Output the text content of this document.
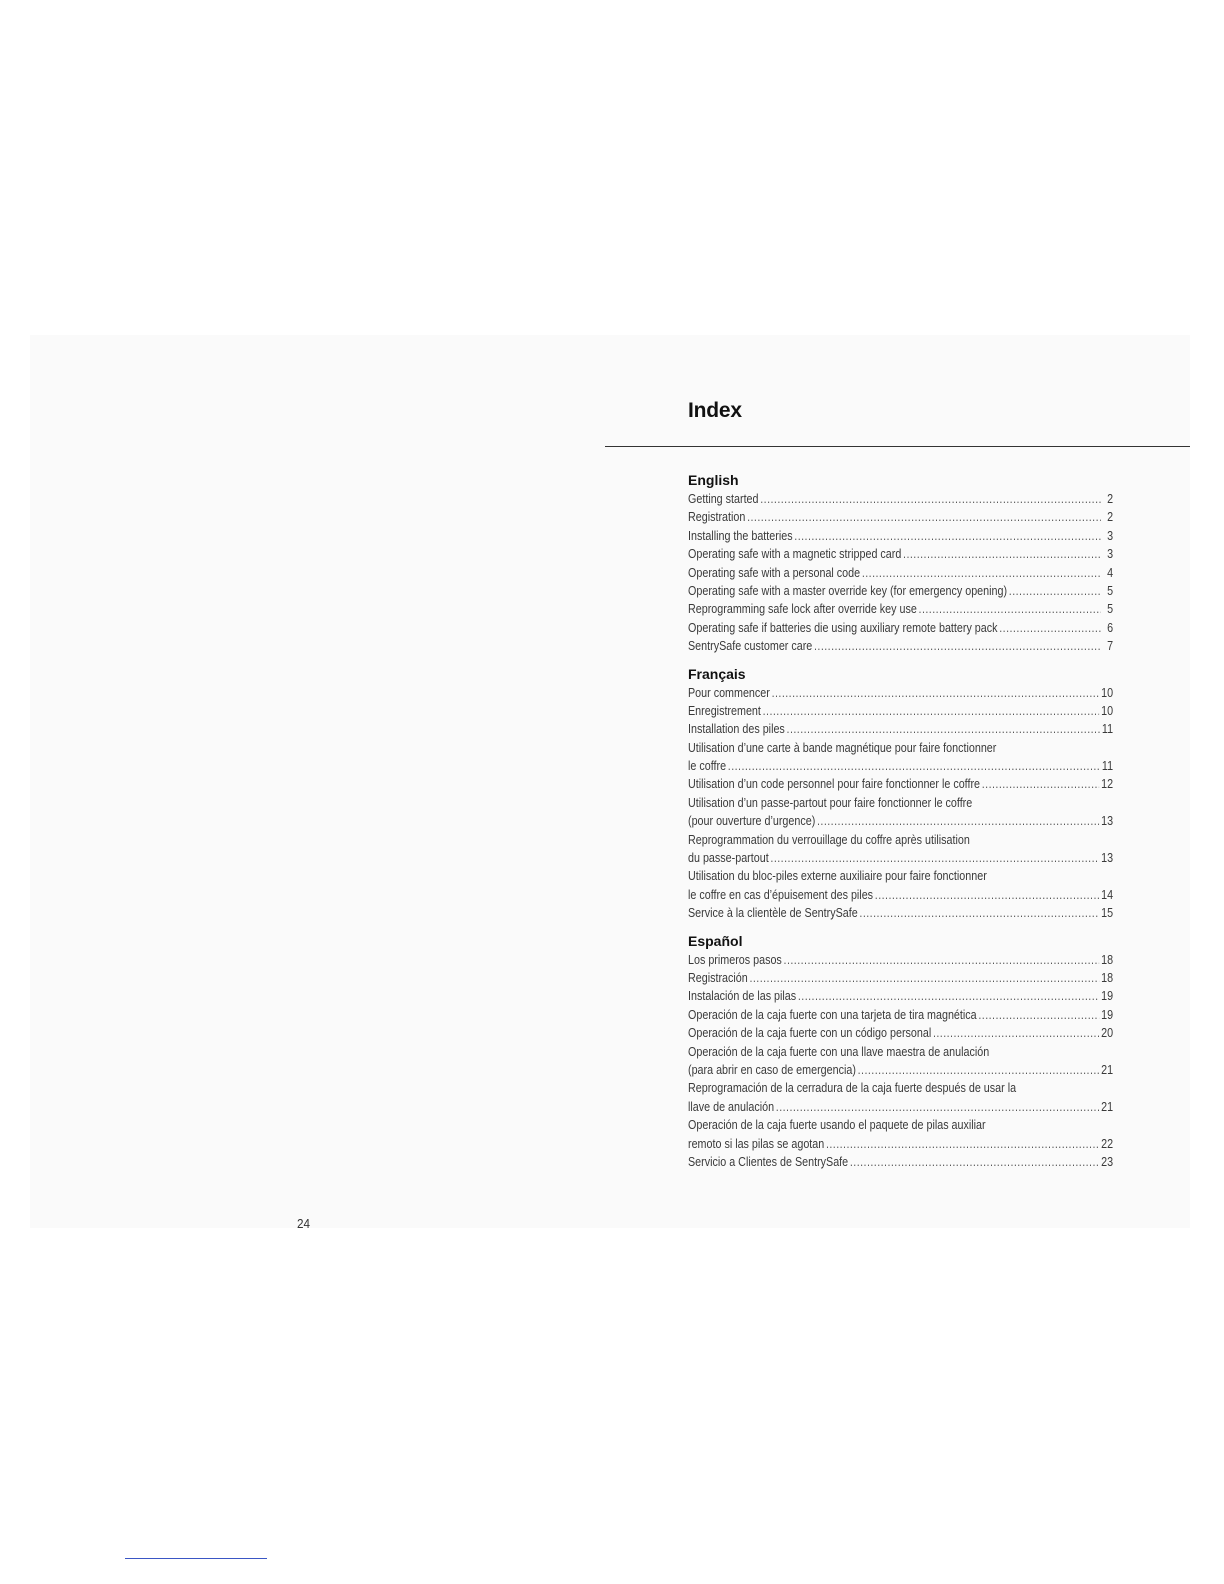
Index
English
Getting started .....	2
Registration .....	2
Installing the batteries .....	3
Operating safe with a magnetic stripped card .....	3
Operating safe with a personal code .....	4
Operating safe with a master override key (for emergency opening) .....	5
Reprogramming safe lock after override key use .....	5
Operating safe if batteries die using auxiliary remote battery pack .....	6
SentrySafe customer care .....	7
Français
Pour commencer .....	10
Enregistrement .....	10
Installation des piles .....	11
Utilisation d’une carte à bande magnétique pour faire fonctionner
le coffre .....	11
Utilisation d’un code personnel pour faire fonctionner le coffre .....	12
Utilisation d’un passe-partout pour faire fonctionner le coffre
(pour ouverture d’urgence) .....	13
Reprogrammation du verrouillage du coffre après utilisation
du passe-partout .....	13
Utilisation du bloc-piles externe auxiliaire pour faire fonctionner
le coffre en cas d’épuisement des piles .....	14
Service à la clientèle de SentrySafe .....	15
Español
Los primeros pasos .....	18
Registración .....	18
Instalación de las pilas .....	19
Operación de la caja fuerte con una tarjeta de tira magnética .....	19
Operación de la caja fuerte con un código personal .....	20
Operación de la caja fuerte con una llave maestra de anulación
(para abrir en caso de emergencia) .....	21
Reprogramación de la cerradura de la caja fuerte después de usar la
llave de anulación .....	21
Operación de la caja fuerte usando el paquete de pilas auxiliar
remoto si las pilas se agotan .....	22
Servicio a Clientes de SentrySafe .....	23
24
